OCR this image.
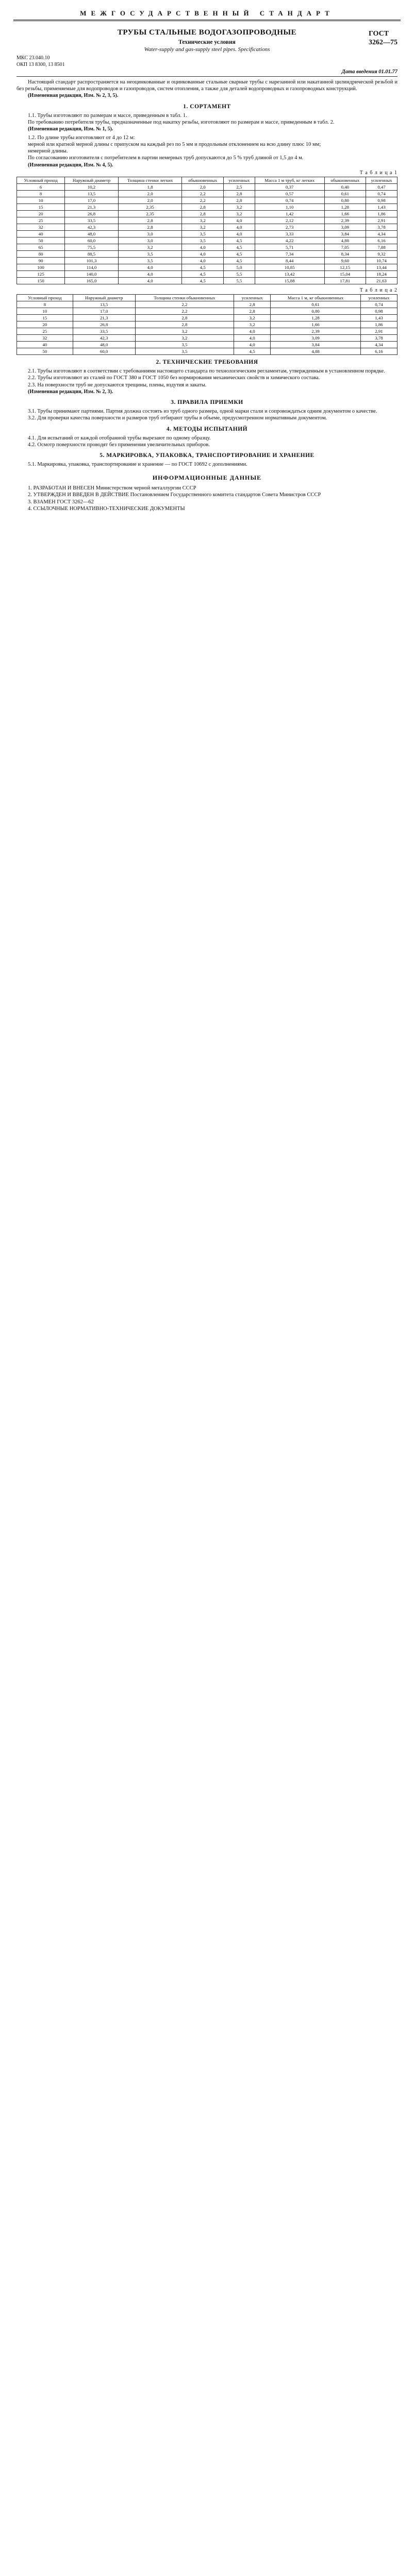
МЕЖГОСУДАРСТВЕННЫЙ СТАНДАРТ
ГОСТ
3262—75
ТРУБЫ СТАЛЬНЫЕ ВОДОГАЗОПРОВОДНЫЕ
Технические условия
Water-supply and gas-supply steel pipes. Specifications
МКС 23.040.10
ОКП 13 8300, 13 8501
Дата введения 01.01.77

Настоящий стандарт распространяется на неоцинкованные и оцинкованные стальные сварные трубы с нарезанной или накатанной цилиндрической резьбой и без резьбы, применяемые для водопроводов и газопроводов, систем отопления, а также для деталей водопроводных и газопроводных конструкций.

(Измененная редакция, Изм. № 2, 3, 5).

1. СОРТАМЕНТ

1.1. Трубы изготовляют по размерам и массе, приведенным в табл. 1.

По требованию потребителя трубы, предназначенные под накатку резьбы, изготовляют по размерам и массе, приведенным в табл. 2.

(Измененная редакция, Изм. № 1, 5).

1.2. По длине трубы изготовляют от 4 до 12 м:

мерной или кратной мерной длины с припуском на каждый рез по 5 мм и продольным отклонением на всю длину плюс 10 мм;

немерной длины.

По согласованию изготовителя с потребителем в партии немерных труб допускаются до 5 % труб длиной от 1,5 до 4 м.

(Измененная редакция, Изм. № 4, 5).

Т а б л и ц а 1
Условный проход	Наружный диаметр	Толщина стенки легких	обыкновенных	усиленных	Масса 1 м труб, кг легких	обыкновенных	усиленных
6	10,2	1,8	2,0	2,5	0,37	0,40	0,47
8	13,5	2,0	2,2	2,8	0,57	0,61	0,74
10	17,0	2,0	2,2	2,8	0,74	0,80	0,98
15	21,3	2,35	2,8	3,2	1,10	1,28	1,43
20	26,8	2,35	2,8	3,2	1,42	1,66	1,86
25	33,5	2,8	3,2	4,0	2,12	2,39	2,91
32	42,3	2,8	3,2	4,0	2,73	3,09	3,78
40	48,0	3,0	3,5	4,0	3,33	3,84	4,34
50	60,0	3,0	3,5	4,5	4,22	4,88	6,16
65	75,5	3,2	4,0	4,5	5,71	7,05	7,88
80	88,5	3,5	4,0	4,5	7,34	8,34	9,32
90	101,3	3,5	4,0	4,5	8,44	9,60	10,74
100	114,0	4,0	4,5	5,0	10,85	12,15	13,44
125	140,0	4,0	4,5	5,5	13,42	15,04	18,24
150	165,0	4,0	4,5	5,5	15,88	17,81	21,63
Т а б л и ц а 2
Условный проход	Наружный диаметр	Толщина стенки обыкновенных	усиленных	Масса 1 м, кг обыкновенных	усиленных
8	13,5	2,2	2,8	0,61	0,74
10	17,0	2,2	2,8	0,80	0,98
15	21,3	2,8	3,2	1,28	1,43
20	26,8	2,8	3,2	1,66	1,86
25	33,5	3,2	4,0	2,39	2,91
32	42,3	3,2	4,0	3,09	3,78
40	48,0	3,5	4,0	3,84	4,34
50	60,0	3,5	4,5	4,88	6,16
2. ТЕХНИЧЕСКИЕ ТРЕБОВАНИЯ

2.1. Трубы изготовляют в соответствии с требованиями настоящего стандарта по технологическим регламентам, утвержденным в установленном порядке.

2.2. Трубы изготовляют из сталей по ГОСТ 380 и ГОСТ 1050 без нормирования механических свойств и химического состава.

2.3. На поверхности труб не допускаются трещины, плены, вздутия и закаты.

(Измененная редакция, Изм. № 2, 3).

3. ПРАВИЛА ПРИЕМКИ

3.1. Трубы принимают партиями. Партия должна состоять из труб одного размера, одной марки стали и сопровождаться одним документом о качестве.

3.2. Для проверки качества поверхности и размеров труб отбирают трубы в объеме, предусмотренном нормативным документом.

4. МЕТОДЫ ИСПЫТАНИЙ

4.1. Для испытаний от каждой отобранной трубы вырезают по одному образцу.

4.2. Осмотр поверхности проводят без применения увеличительных приборов.

5. МАРКИРОВКА, УПАКОВКА, ТРАНСПОРТИРОВАНИЕ И ХРАНЕНИЕ

5.1. Маркировка, упаковка, транспортирование и хранение — по ГОСТ 10692 с дополнениями.

ИНФОРМАЦИОННЫЕ ДАННЫЕ

1. РАЗРАБОТАН И ВНЕСЕН Министерством черной металлургии СССР

2. УТВЕРЖДЕН И ВВЕДЕН В ДЕЙСТВИЕ Постановлением Государственного комитета стандартов Совета Министров СССР

3. ВЗАМЕН ГОСТ 3262—62

4. ССЫЛОЧНЫЕ НОРМАТИВНО-ТЕХНИЧЕСКИЕ ДОКУМЕНТЫ
